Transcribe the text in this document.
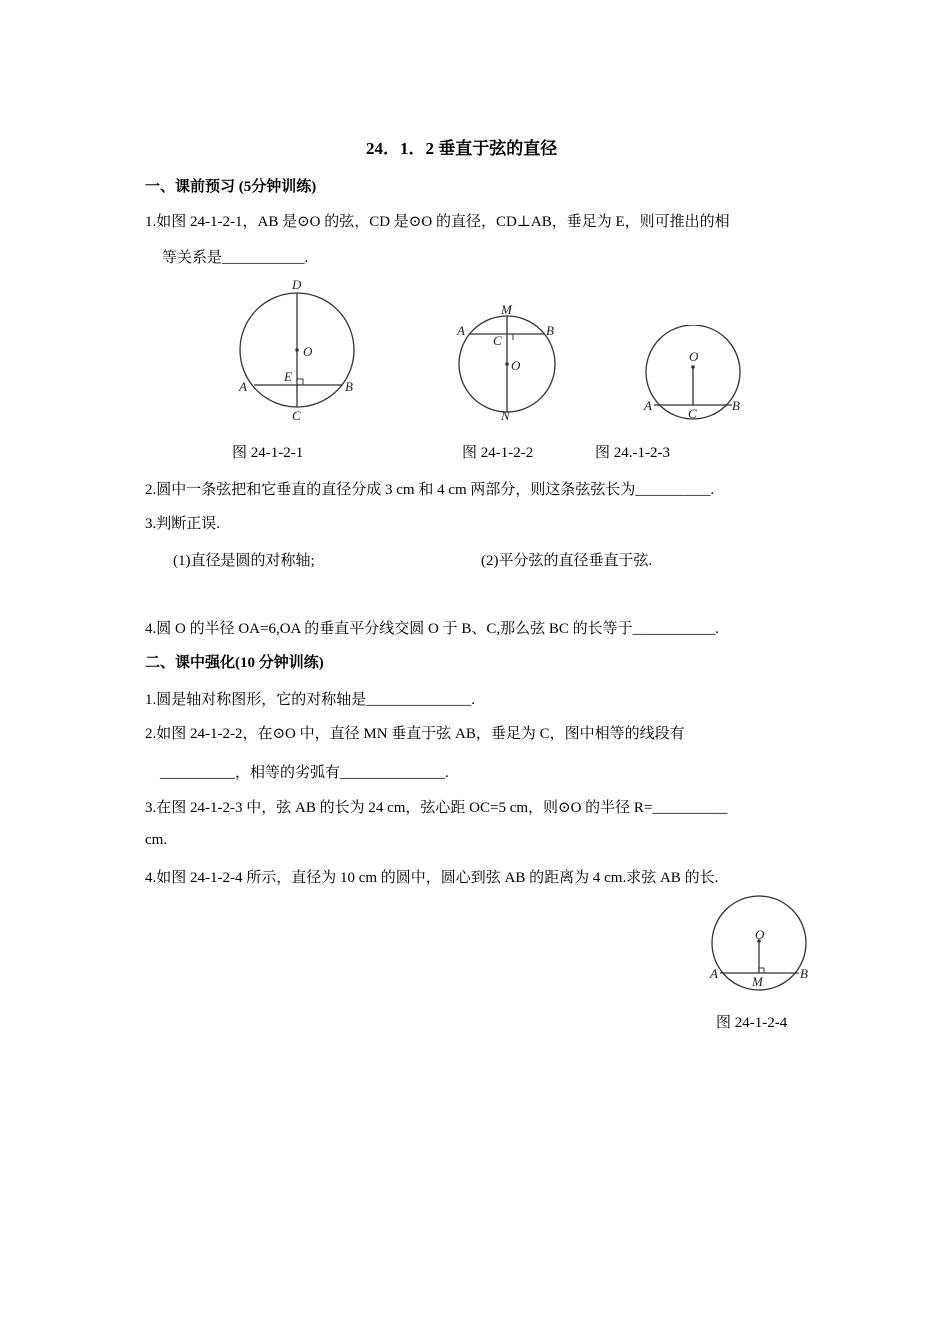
24．1．2 垂直于弦的直径
一、课前预习 (5分钟训练)
1.如图 24-1-2-1，AB 是⊙O 的弦，CD 是⊙O 的直径，CD⊥AB，垂足为 E，则可推出的相
等关系是___________.
D
O
E
A	B
C
M
A	B
C
O
N
O
A
C
B
图 24-1-2-1	图 24-1-2-2	图 24.-1-2-3
2.圆中一条弦把和它垂直的直径分成 3 cm 和 4 cm 两部分，则这条弦弦长为__________.
3.判断正误.
(1)直径是圆的对称轴;	(2)平分弦的直径垂直于弦.
4.圆 O 的半径 OA=6,OA 的垂直平分线交圆 O 于 B、C,那么弦 BC 的长等于___________.
二、课中强化(10 分钟训练)
1.圆是轴对称图形，它的对称轴是______________.
2.如图 24-1-2-2，在⊙O 中，直径 MN 垂直于弦 AB，垂足为 C，图中相等的线段有
__________，相等的劣弧有______________.
3.在图 24-1-2-3 中，弦 AB 的长为 24 cm，弦心距 OC=5 cm，则⊙O 的半径 R=__________
cm.
4.如图 24-1-2-4 所示，直径为 10 cm 的圆中，圆心到弦 AB 的距离为 4 cm.求弦 AB 的长.
O
A
M
B
图 24-1-2-4
